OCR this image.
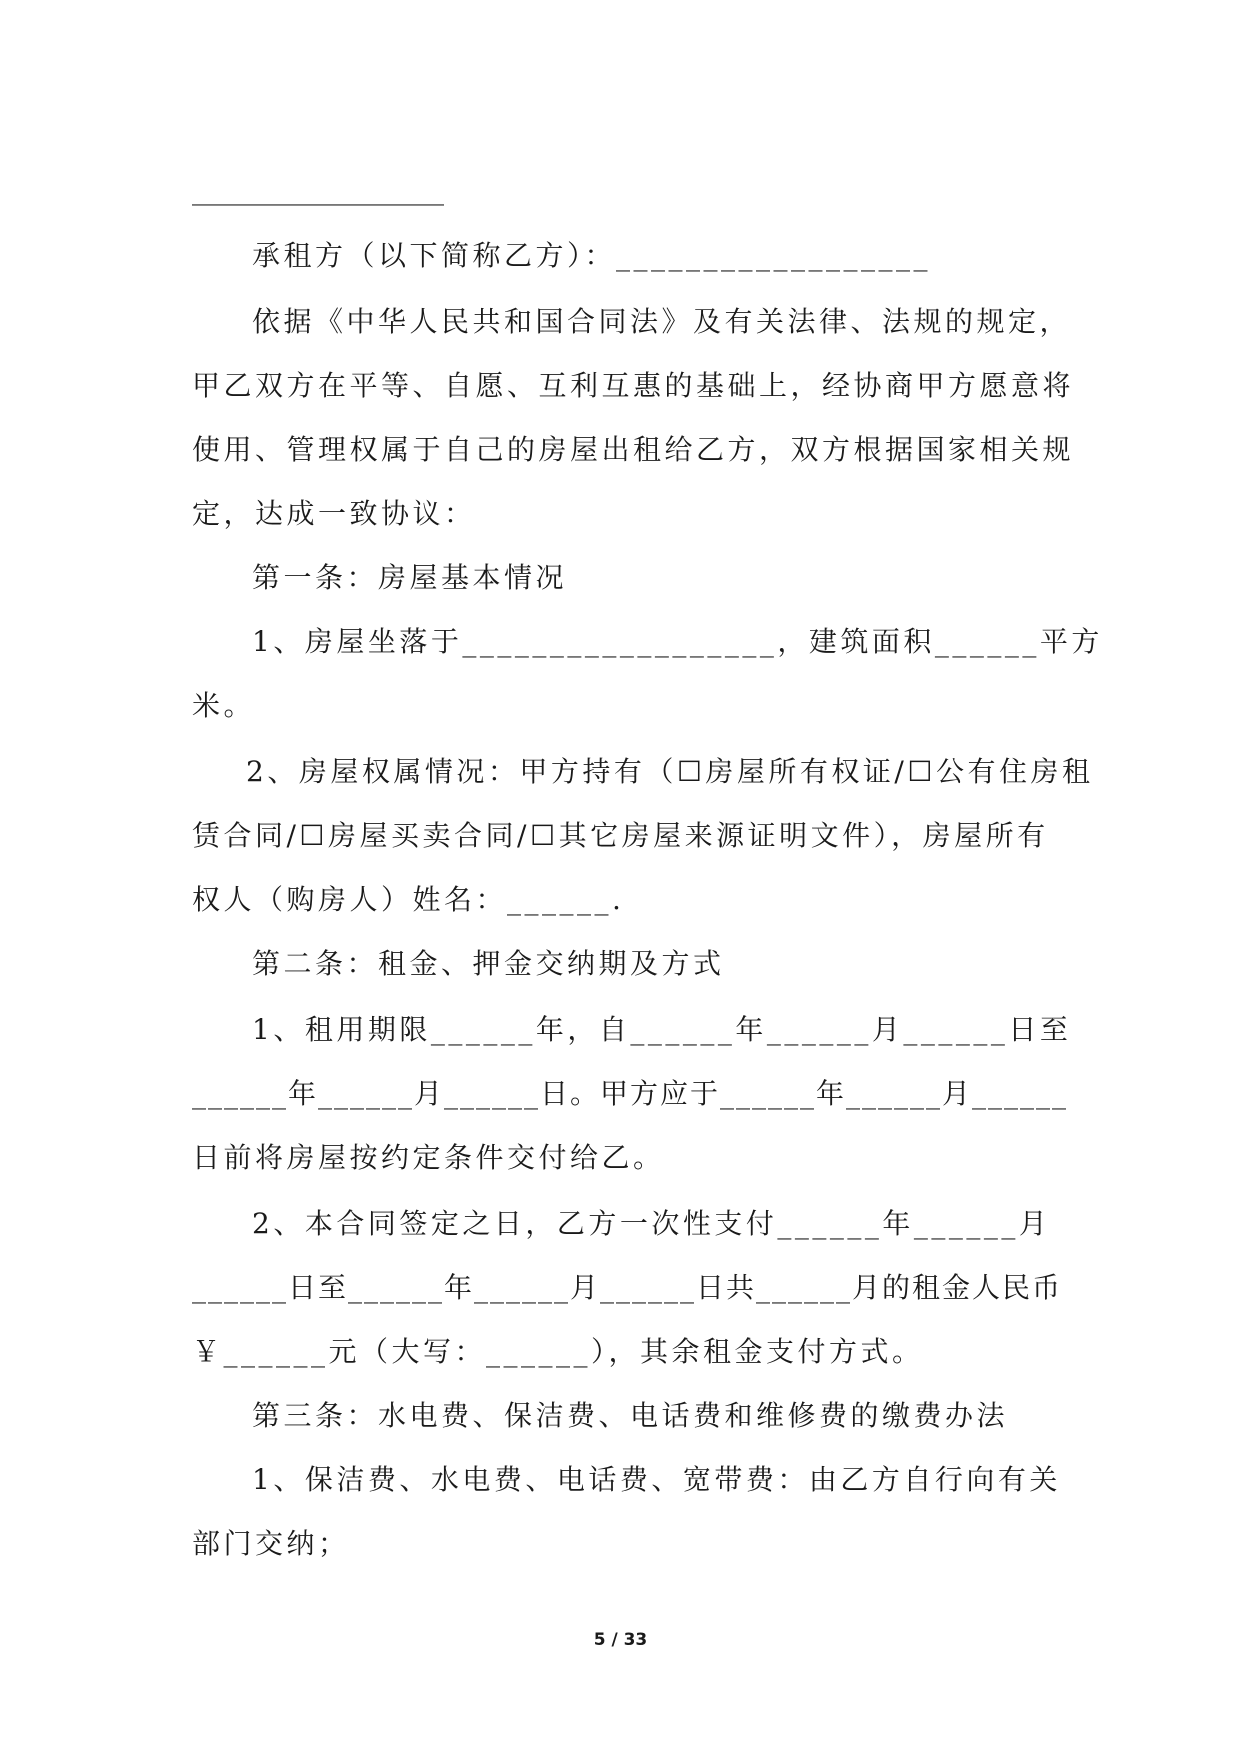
__________________
承租方（以下简称乙方）：__________________
依据《中华人民共和国合同法》及有关法律、法规的规定，
甲乙双方在平等、自愿、互利互惠的基础上，经协商甲方愿意将
使用、管理权属于自己的房屋出租给乙方，双方根据国家相关规
定，达成一致协议：
第一条：房屋基本情况
1、房屋坐落于__________________，建筑面积______平方
米。
2、房屋权属情况：甲方持有（☐房屋所有权证/☐公有住房租
赁合同/☐房屋买卖合同/☐其它房屋来源证明文件），房屋所有
权人（购房人）姓名：______.
第二条：租金、押金交纳期及方式
1、租用期限______年，自______年______月______日至
______年______月______日。甲方应于______年______月______
日前将房屋按约定条件交付给乙。
2、本合同签定之日，乙方一次性支付______年______月
______日至______年______月______日共______月的租金人民币
￥______元（大写：______），其余租金支付方式。
第三条：水电费、保洁费、电话费和维修费的缴费办法
1、保洁费、水电费、电话费、宽带费：由乙方自行向有关
部门交纳；
5 / 33
